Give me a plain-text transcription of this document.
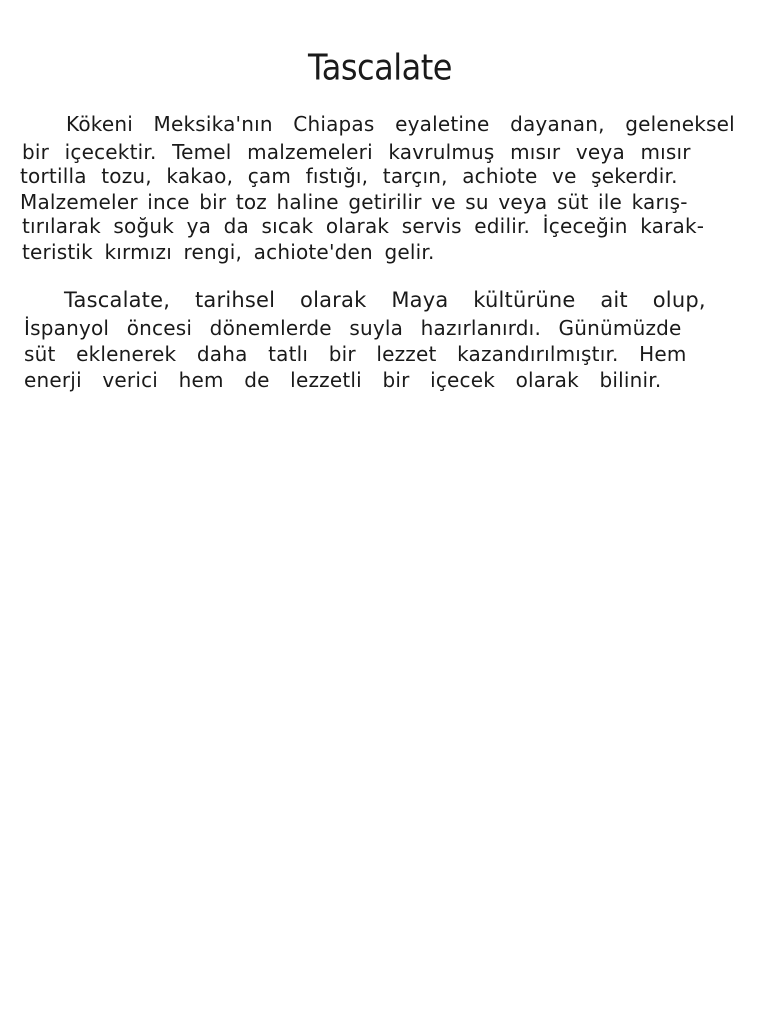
Tascalate

Kökeni Meksika'nın Chiapas eyaletine dayanan, geleneksel

bir içecektir. Temel malzemeleri kavrulmuş mısır veya mısır

tortilla tozu, kakao, çam fıstığı, tarçın, achiote ve şekerdir.

Malzemeler ince bir toz haline getirilir ve su veya süt ile karış-

tırılarak soğuk ya da sıcak olarak servis edilir. İçeceğin karak-

teristik kırmızı rengi, achiote'den gelir.

Tascalate, tarihsel olarak Maya kültürüne ait olup,

İspanyol öncesi dönemlerde suyla hazırlanırdı. Günümüzde

süt eklenerek daha tatlı bir lezzet kazandırılmıştır. Hem

enerji verici hem de lezzetli bir içecek olarak bilinir.
